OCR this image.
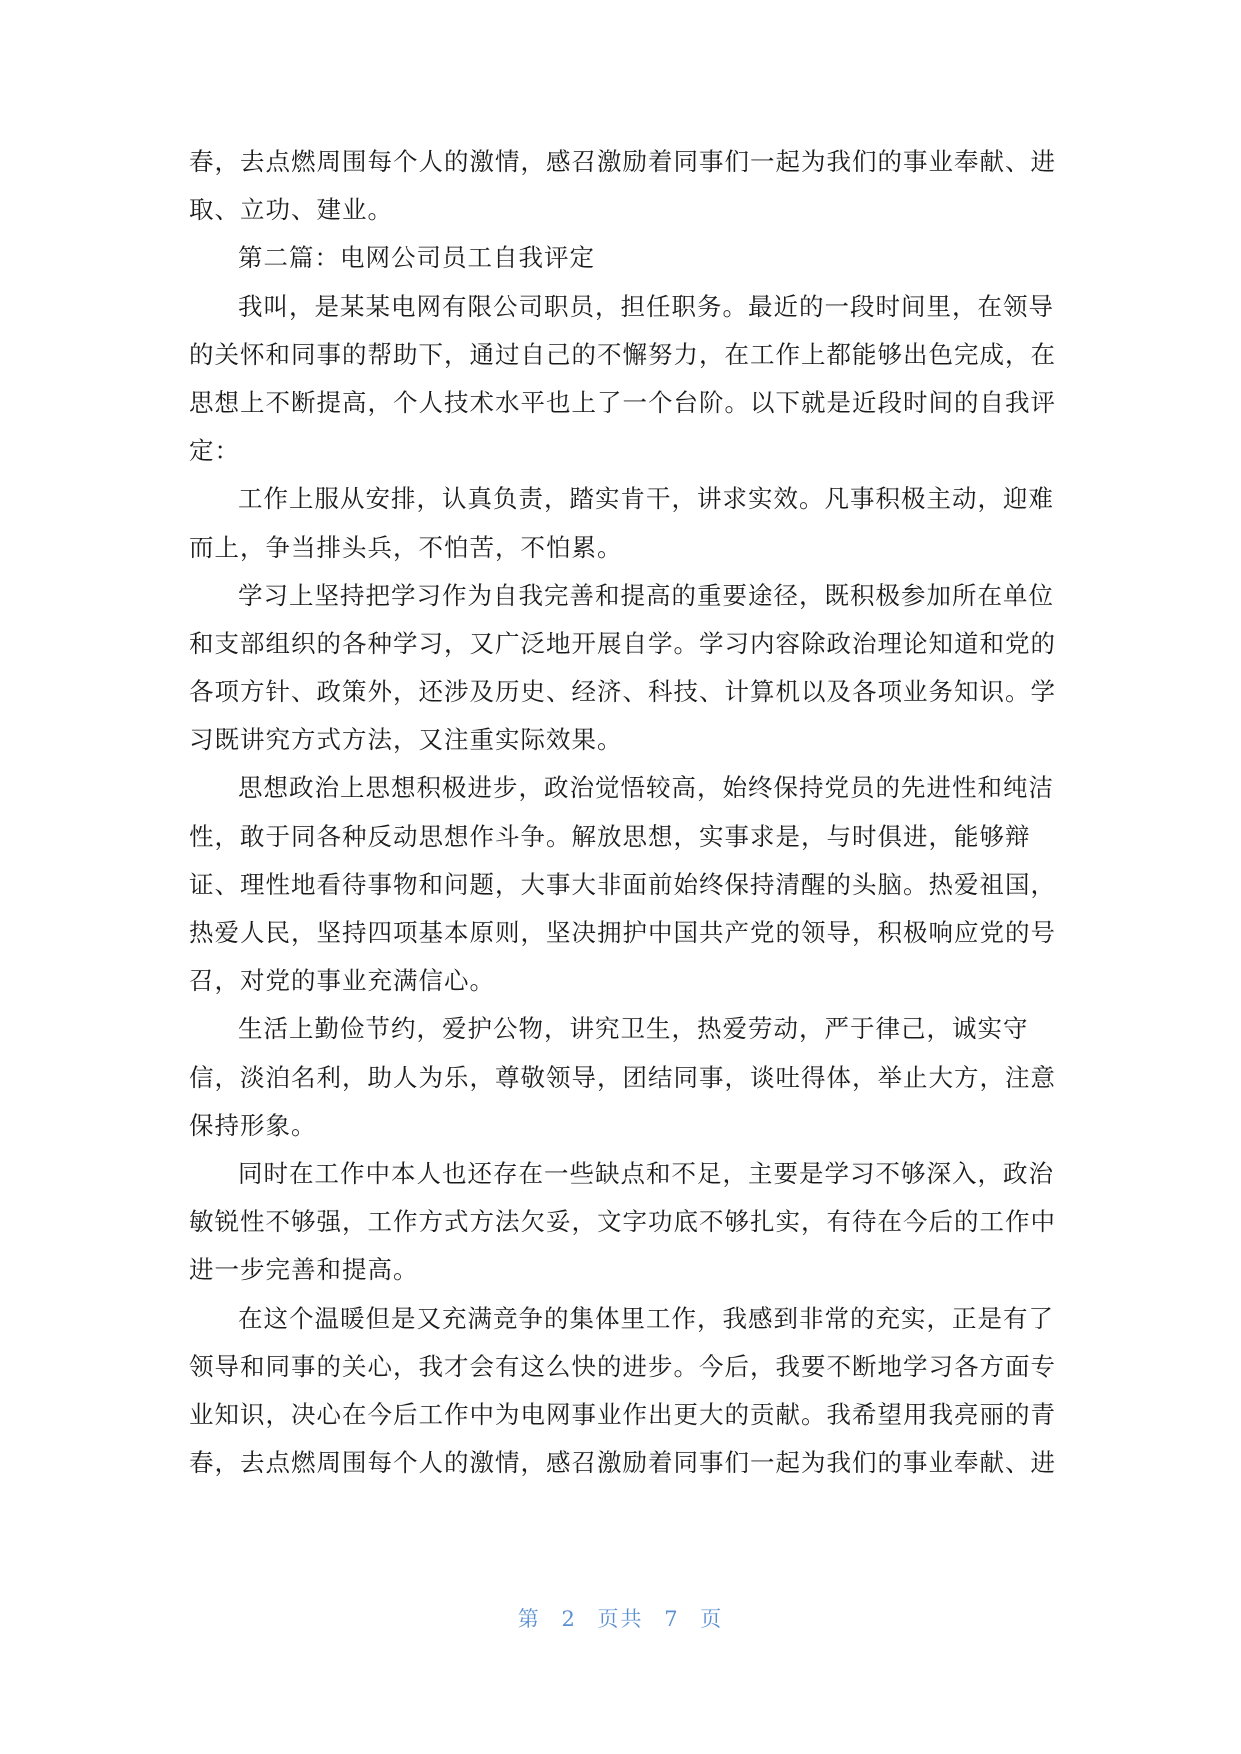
春，去点燃周围每个人的激情，感召激励着同事们一起为我们的事业奉献、进
取、立功、建业。
第二篇：电网公司员工自我评定
我叫，是某某电网有限公司职员，担任职务。最近的一段时间里，在领导
的关怀和同事的帮助下，通过自己的不懈努力，在工作上都能够出色完成，在
思想上不断提高，个人技术水平也上了一个台阶。以下就是近段时间的自我评
定：
工作上服从安排，认真负责，踏实肯干，讲求实效。凡事积极主动，迎难
而上，争当排头兵，不怕苦，不怕累。
学习上坚持把学习作为自我完善和提高的重要途径，既积极参加所在单位
和支部组织的各种学习，又广泛地开展自学。学习内容除政治理论知道和党的
各项方针、政策外，还涉及历史、经济、科技、计算机以及各项业务知识。学
习既讲究方式方法，又注重实际效果。
思想政治上思想积极进步，政治觉悟较高，始终保持党员的先进性和纯洁
性，敢于同各种反动思想作斗争。解放思想，实事求是，与时俱进，能够辩
证、理性地看待事物和问题，大事大非面前始终保持清醒的头脑。热爱祖国，
热爱人民，坚持四项基本原则，坚决拥护中国共产党的领导，积极响应党的号
召，对党的事业充满信心。
生活上勤俭节约，爱护公物，讲究卫生，热爱劳动，严于律己，诚实守
信，淡泊名利，助人为乐，尊敬领导，团结同事，谈吐得体，举止大方，注意
保持形象。
同时在工作中本人也还存在一些缺点和不足，主要是学习不够深入，政治
敏锐性不够强，工作方式方法欠妥，文字功底不够扎实，有待在今后的工作中
进一步完善和提高。
在这个温暖但是又充满竞争的集体里工作，我感到非常的充实，正是有了
领导和同事的关心，我才会有这么快的进步。今后，我要不断地学习各方面专
业知识，决心在今后工作中为电网事业作出更大的贡献。我希望用我亮丽的青
春，去点燃周围每个人的激情，感召激励着同事们一起为我们的事业奉献、进
第 2 页共 7 页
